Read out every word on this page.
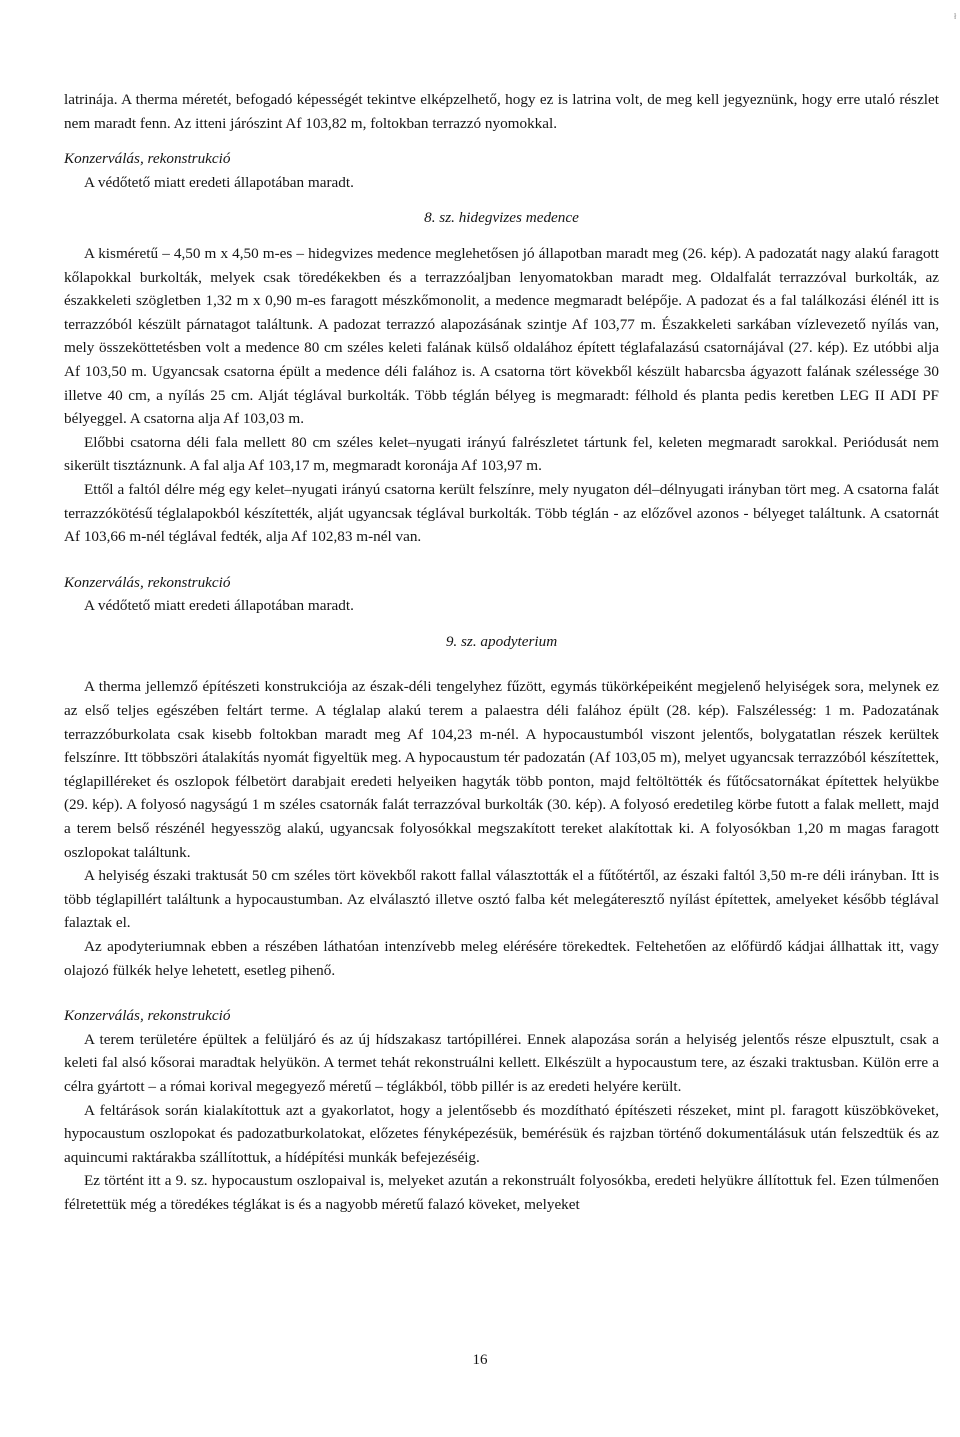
ł

latrinája. A therma méretét, befogadó képességét tekintve elképzelhető, hogy ez is latrina volt, de meg kell jegyeznünk, hogy erre utaló részlet nem maradt fenn. Az itteni járószint Af 103,82 m, foltokban terrazzó nyomokkal.

Konzerválás, rekonstrukció

A védőtető miatt eredeti állapotában maradt.

8. sz. hidegvizes medence

A kisméretű – 4,50 m x 4,50 m-es – hidegvizes medence meglehetősen jó állapotban maradt meg (26. kép). A padozatát nagy alakú faragott kőlapokkal burkolták, melyek csak töredékekben és a terrazzóaljban lenyomatokban maradt meg. Oldalfalát terrazzóval burkolták, az északkeleti szögletben 1,32 m x 0,90 m-es faragott mészkőmonolit, a medence megmaradt belépője. A padozat és a fal találkozási élénél itt is terrazzóból készült párnatagot találtunk. A padozat terrazzó alapozásának szintje Af 103,77 m. Északkeleti sarkában vízlevezető nyílás van, mely összeköttetésben volt a medence 80 cm széles keleti falának külső oldalához épített téglafalazású csatornájával (27. kép). Ez utóbbi alja Af 103,50 m. Ugyancsak csatorna épült a medence déli falához is. A csatorna tört kövekből készült habarcsba ágyazott falának szélessége 30 illetve 40 cm, a nyílás 25 cm. Alját téglával burkolták. Több téglán bélyeg is megmaradt: félhold és planta pedis keretben LEG II ADI PF bélyeggel. A csatorna alja Af 103,03 m.

Előbbi csatorna déli fala mellett 80 cm széles kelet–nyugati irányú falrészletet tártunk fel, keleten megmaradt sarokkal. Periódusát nem sikerült tisztáznunk. A fal alja Af 103,17 m, megmaradt koronája Af 103,97 m.

Ettől a faltól délre még egy kelet–nyugati irányú csatorna került felszínre, mely nyugaton dél–délnyugati irányban tört meg. A csatorna falát terrazzókötésű téglalapokból készítették, alját ugyancsak téglával burkolták. Több téglán - az előzővel azonos - bélyeget találtunk. A csatornát Af 103,66 m-nél téglával fedték, alja Af 102,83 m-nél van.

Konzerválás, rekonstrukció

A védőtető miatt eredeti állapotában maradt.

9. sz. apodyterium

A therma jellemző építészeti konstrukciója az észak-déli tengelyhez fűzött, egymás tükörképeiként megjelenő helyiségek sora, melynek ez az első teljes egészében feltárt terme. A téglalap alakú terem a palaestra déli falához épült (28. kép). Falszélesség: 1 m. Padozatának terrazzóburkolata csak kisebb foltokban maradt meg Af 104,23 m-nél. A hypocaustumból viszont jelentős, bolygatatlan részek kerültek felszínre. Itt többszöri átalakítás nyomát figyeltük meg. A hypocaustum tér padozatán (Af 103,05 m), melyet ugyancsak terrazzóból készítettek, téglapilléreket és oszlopok félbetört darabjait eredeti helyeiken hagyták több ponton, majd feltöltötték és fűtőcsatornákat építettek helyükbe (29. kép). A folyosó nagyságú 1 m széles csatornák falát terrazzóval burkolták (30. kép). A folyosó eredetileg körbe futott a falak mellett, majd a terem belső részénél hegyesszög alakú, ugyancsak folyosókkal megszakított tereket alakítottak ki. A folyosókban 1,20 m magas faragott oszlopokat találtunk.

A helyiség északi traktusát 50 cm széles tört kövekből rakott fallal választották el a fűtőtértől, az északi faltól 3,50 m-re déli irányban. Itt is több téglapillért találtunk a hypocaustumban. Az elválasztó illetve osztó falba két melegáteresztő nyílást építettek, amelyeket később téglával falaztak el.

Az apodyteriumnak ebben a részében láthatóan intenzívebb meleg elérésére törekedtek. Feltehetően az előfürdő kádjai állhattak itt, vagy olajozó fülkék helye lehetett, esetleg pihenő.

Konzerválás, rekonstrukció

A terem területére épültek a felüljáró és az új hídszakasz tartópillérei. Ennek alapozása során a helyiség jelentős része elpusztult, csak a keleti fal alsó kősorai maradtak helyükön. A termet tehát rekonstruálni kellett. Elkészült a hypocaustum tere, az északi traktusban. Külön erre a célra gyártott – a római korival megegyező méretű – téglákból, több pillér is az eredeti helyére került.

A feltárások során kialakítottuk azt a gyakorlatot, hogy a jelentősebb és mozdítható építészeti részeket, mint pl. faragott küszöbköveket, hypocaustum oszlopokat és padozatburkolatokat, előzetes fényképezésük, bemérésük és rajzban történő dokumentálásuk után felszedtük és az aquincumi raktárakba szállítottuk, a hídépítési munkák befejezéséig.

Ez történt itt a 9. sz. hypocaustum oszlopaival is, melyeket azután a rekonstruált folyosókba, eredeti helyükre állítottuk fel. Ezen túlmenően félretettük még a töredékes téglákat is és a nagyobb méretű falazó köveket, melyeket

16
